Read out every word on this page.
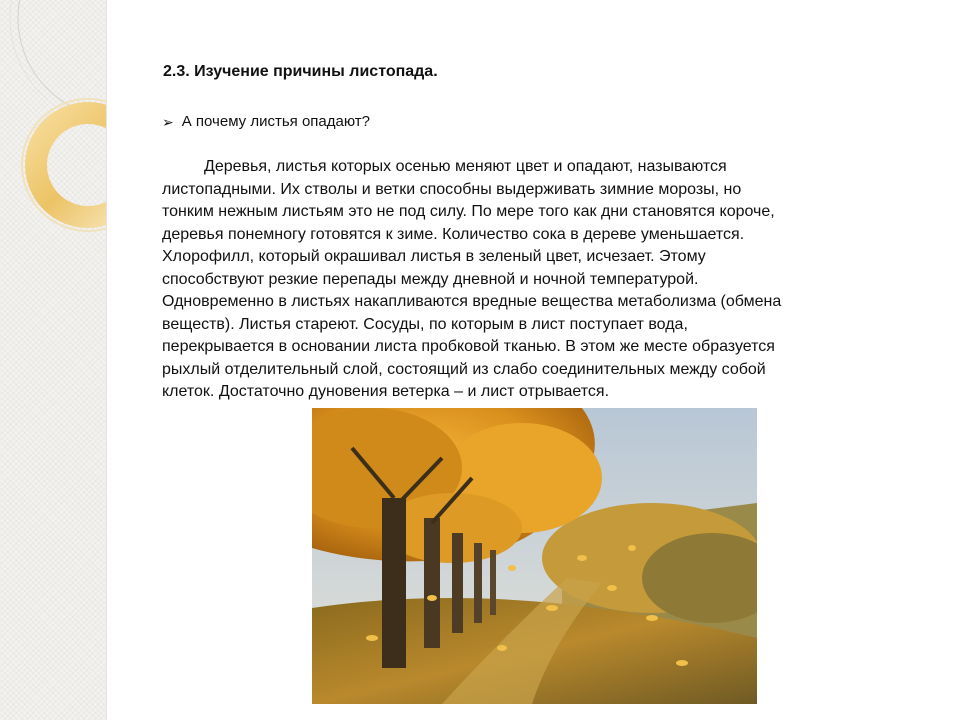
2.3. Изучение причины листопада.
➢ А почему листья опадают?
Деревья, листья которых осенью меняют цвет и опадают, называются
листопадными. Их стволы и ветки способны выдерживать зимние морозы, но
тонким нежным листьям это не под силу. По мере того как дни становятся короче,
деревья понемногу готовятся к зиме. Количество сока в дереве уменьшается.
Хлорофилл, который окрашивал листья в зеленый цвет, исчезает. Этому
способствуют резкие перепады между дневной и ночной температурой.
Одновременно в листьях накапливаются вредные вещества метаболизма (обмена
веществ). Листья стареют. Сосуды, по которым в лист поступает вода,
перекрывается в основании листа пробковой тканью. В этом же месте образуется
рыхлый отделительный слой, состоящий из слабо соединительных между собой
клеток. Достаточно дуновения ветерка – и лист отрывается.
